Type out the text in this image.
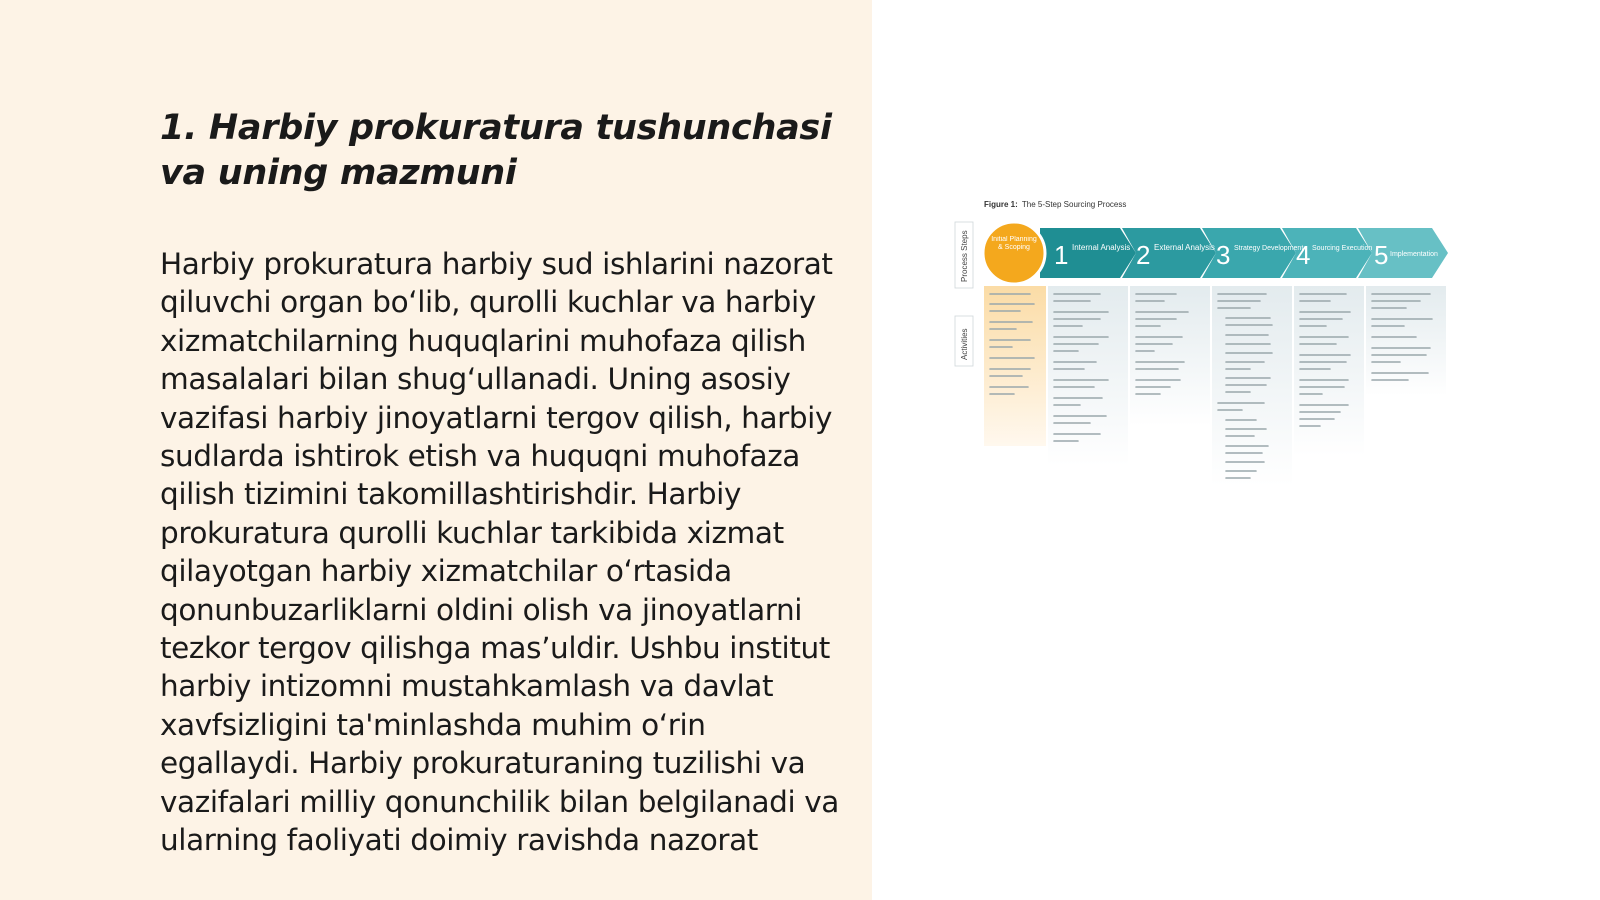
1. Harbiy prokuratura tushunchasi va uning mazmuni

Harbiy prokuratura harbiy sud ishlarini nazorat qiluvchi organ bo‘lib, qurolli kuchlar va harbiy xizmatchilarning huquqlarini muhofaza qilish masalalari bilan shug‘ullanadi. Uning asosiy vazifasi harbiy jinoyatlarni tergov qilish, harbiy sudlarda ishtirok etish va huquqni muhofaza qilish tizimini takomillashtirishdir. Harbiy prokuratura qurolli kuchlar tarkibida xizmat qilayotgan harbiy xizmatchilar o‘rtasida qonunbuzarliklarni oldini olish va jinoyatlarni tezkor tergov qilishga mas’uldir. Ushbu institut harbiy intizomni mustahkamlash va davlat xavfsizligini ta'minlashda muhim o‘rin egallaydi. Harbiy prokuraturaning tuzilishi va vazifalari milliy qonunchilik bilan belgilanadi va ularning faoliyati doimiy ravishda nazorat

Figure 1: The 5-Step Sourcing Process
Process Steps
Activities
1 Internal Analysis 2 External Analysis 3 Strategy Development
4 Sourcing Execution 5 Implementation
Initial Planning & Scoping
